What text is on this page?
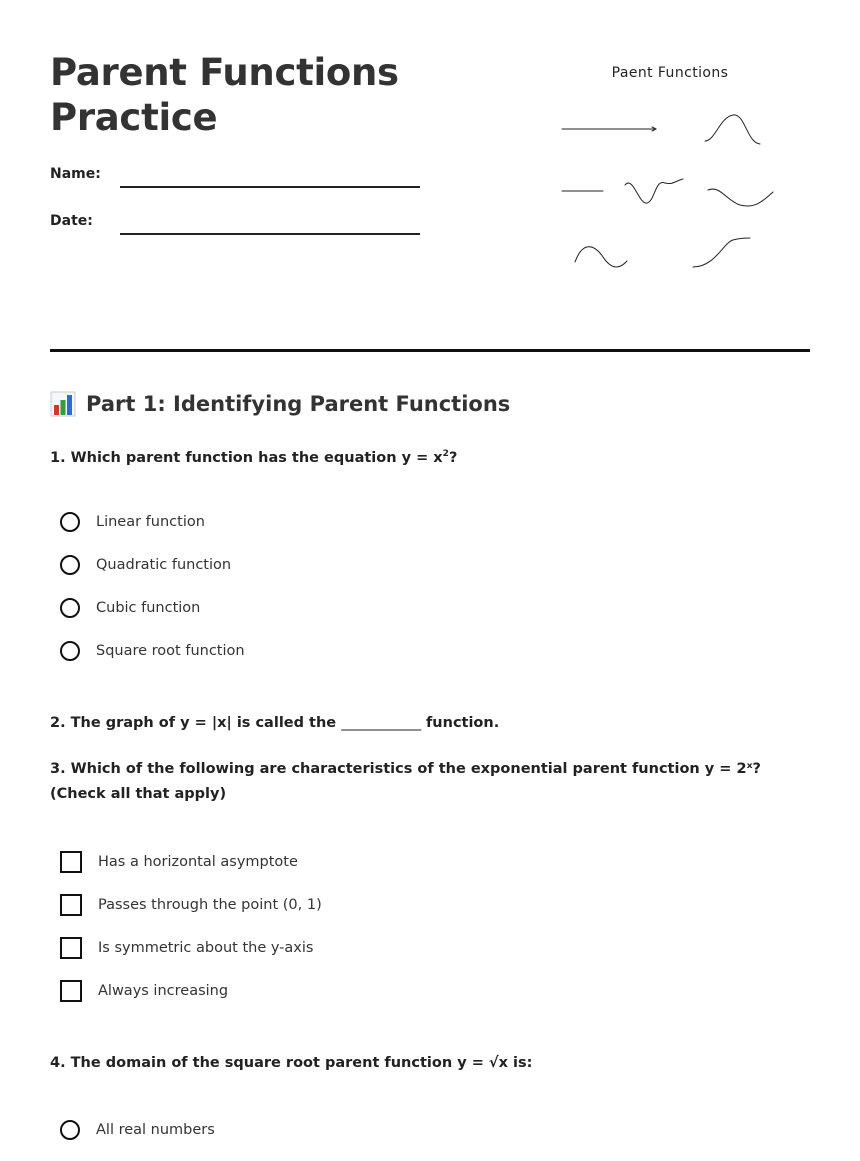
Parent Functions
Practice
Name:
Date:
Paent Functions
Part 1: Identifying Parent Functions

1. Which parent function has the equation $y = x^2$?

Linear function
Quadratic function
Cubic function
Square root function

2. The graph of y = |x| is called the ___________ function.

3. Which of the following are characteristics of the exponential parent function y = 2ˣ? (Check all that apply)

Has a horizontal asymptote
Passes through the point (0, 1)
Is symmetric about the y-axis
Always increasing

4. The domain of the square root parent function y = √x is:

All real numbers
